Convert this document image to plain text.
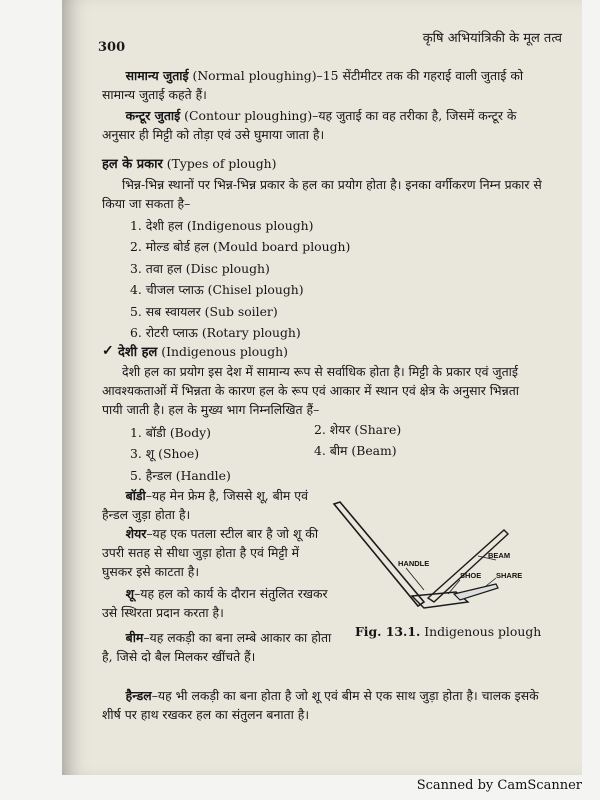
300
कृषि अभियांत्रिकी के मूल तत्व
सामान्य जुताई (Normal ploughing)–15 सेंटीमीटर तक की गहराई वाली जुताई को सामान्य जुताई कहते हैं।
कन्टूर जुताई (Contour ploughing)–यह जुताई का वह तरीका है, जिसमें कन्टूर के अनुसार ही मिट्टी को तोड़ा एवं उसे घुमाया जाता है।
हल के प्रकार (Types of plough)
भिन्न-भिन्न स्थानों पर भिन्न-भिन्न प्रकार के हल का प्रयोग होता है। इनका वर्गीकरण निम्न प्रकार से किया जा सकता है–
1. देशी हल (Indigenous plough)
2. मोल्ड बोर्ड हल (Mould board plough)
3. तवा हल (Disc plough)
4. चीजल प्लाऊ (Chisel plough)
5. सब स्वायलर (Sub soiler)
6. रोटरी प्लाऊ (Rotary plough)
✓ देशी हल (Indigenous plough)
देशी हल का प्रयोग इस देश में सामान्य रूप से सर्वाधिक होता है। मिट्टी के प्रकार एवं जुताई आवश्यकताओं में भिन्नता के कारण हल के रूप एवं आकार में स्थान एवं क्षेत्र के अनुसार भिन्नता पायी जाती है। हल के मुख्य भाग निम्नलिखित हैं–
1. बॉडी (Body)
3. शू (Shoe)
5. हैन्डल (Handle)
2. शेयर (Share)
4. बीम (Beam)
बॉडी–यह मेन फ्रेम है, जिससे शू, बीम एवं हैन्डल जुड़ा होता है।
शेयर–यह एक पतला स्टील बार है जो शू की उपरी सतह से सीधा जुड़ा होता है एवं मिट्टी में घुसकर इसे काटता है।
शू–यह हल को कार्य के दौरान संतुलित रखकर उसे स्थिरता प्रदान करता है।
बीम–यह लकड़ी का बना लम्बे आकार का होता है, जिसे दो बैल मिलकर खींचते हैं।
हैन्डल–यह भी लकड़ी का बना होता है जो शू एवं बीम से एक साथ जुड़ा होता है। चालक इसके शीर्ष पर हाथ रखकर हल का संतुलन बनाता है।
HANDLE
BEAM
SHOE SHARE
Fig. 13.1. Indigenous plough
Scanned by CamScanner
